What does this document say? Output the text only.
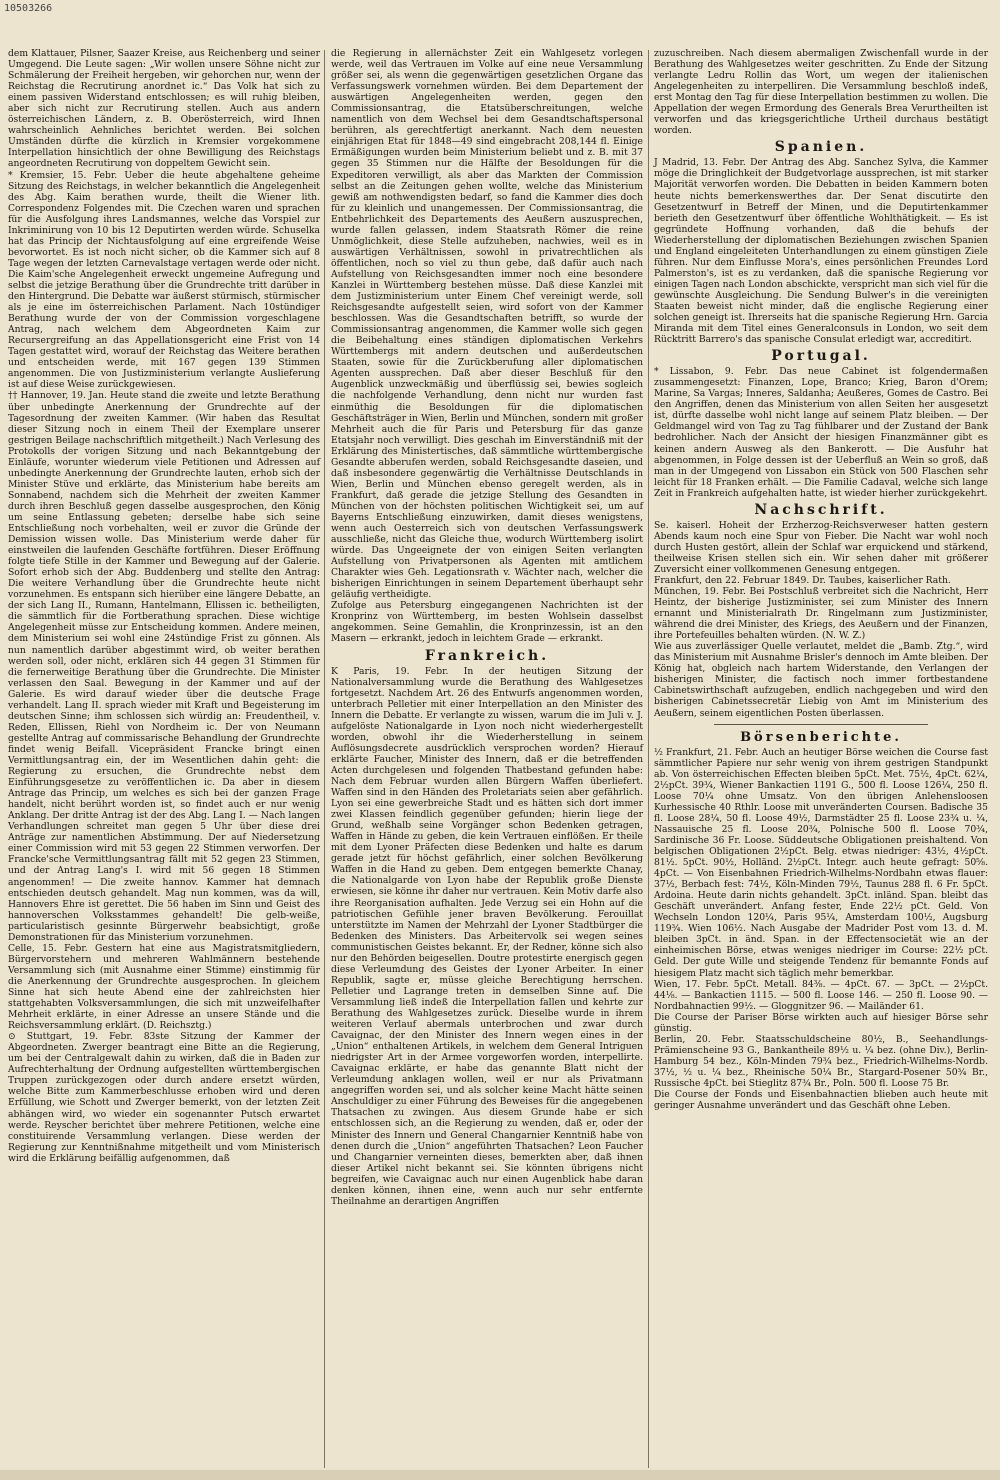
10503266

dem Klattauer, Pilsner, Saazer Kreise, aus Reichenberg und seiner Umgegend. Die Leute sagen: „Wir wollen unsere Söhne nicht zur Schmälerung der Freiheit hergeben, wir gehorchen nur, wenn der Reichstag die Recrutirung anordnet ic.“ Das Volk hat sich zu einem passiven Widerstand entschlossen; es will ruhig bleiben, aber sich nicht zur Recrutirung stellen. Auch aus andern österreichischen Ländern, z. B. Oberösterreich, wird Ihnen wahrscheinlich Aehnliches berichtet werden. Bei solchen Umständen dürfte die kürzlich in Kremsier vorgekommene Interpellation hinsichtlich der ohne Bewilligung des Reichstags angeordneten Recrutirung von doppeltem Gewicht sein.

* Kremsier, 15. Febr. Ueber die heute abgehaltene geheime Sitzung des Reichstags, in welcher bekanntlich die Angelegenheit des Abg. Kaim berathen wurde, theilt die Wiener lith. Correspondenz Folgendes mit. Die Czechen waren und sprachen für die Ausfolgung ihres Landsmannes, welche das Vorspiel zur Inkriminirung von 10 bis 12 Deputirten werden würde. Schuselka hat das Princip der Nichtausfolgung auf eine ergreifende Weise bevorwortet. Es ist noch nicht sicher, ob die Kammer sich auf 8 Tage wegen der letzten Carnevalstage vertagen werde oder nicht. Die Kaim'sche Angelegenheit erweckt ungemeine Aufregung und selbst die jetzige Berathung über die Grundrechte tritt darüber in den Hintergrund. Die Debatte war äußerst stürmisch, stürmischer als je eine im österreichischen Parlament. Nach 10stündiger Berathung wurde der von der Commission vorgeschlagene Antrag, nach welchem dem Abgeordneten Kaim zur Recursergreifung an das Appellationsgericht eine Frist von 14 Tagen gestattet wird, worauf der Reichstag das Weitere berathen und entscheiden werde, mit 167 gegen 139 Stimmen angenommen. Die von Justizministerium verlangte Auslieferung ist auf diese Weise zurückgewiesen.

†† Hannover, 19. Jan. Heute stand die zweite und letzte Berathung über unbedingte Anerkennung der Grundrechte auf der Tagesordnung der zweiten Kammer. (Wir haben das Resultat dieser Sitzung noch in einem Theil der Exemplare unserer gestrigen Beilage nachschriftlich mitgetheilt.) Nach Verlesung des Protokolls der vorigen Sitzung und nach Bekanntgebung der Einläufe, worunter wiederum viele Petitionen und Adressen auf unbedingte Anerkennung der Grundrechte lauten, erhob sich der Minister Stüve und erklärte, das Ministerium habe bereits am Sonnabend, nachdem sich die Mehrheit der zweiten Kammer durch ihren Beschluß gegen dasselbe ausgesprochen, den König um seine Entlassung gebeten; derselbe habe sich seine Entschließung noch vorbehalten, weil er zuvor die Gründe der Demission wissen wolle. Das Ministerium werde daher für einstweilen die laufenden Geschäfte fortführen. Dieser Eröffnung folgte tiefe Stille in der Kammer und Bewegung auf der Galerie. Sofort erhob sich der Abg. Buddenberg und stellte den Antrag: Die weitere Verhandlung über die Grundrechte heute nicht vorzunehmen. Es entspann sich hierüber eine längere Debatte, an der sich Lang II., Rumann, Hantelmann, Ellissen ic. betheiligten, die sämmtlich für die Fortberathung sprachen. Diese wichtige Angelegenheit müsse zur Entscheidung kommen. Andere meinen, dem Ministerium sei wohl eine 24stündige Frist zu gönnen. Als nun namentlich darüber abgestimmt wird, ob weiter berathen werden soll, oder nicht, erklären sich 44 gegen 31 Stimmen für die fernerweitige Berathung über die Grundrechte. Die Minister verlassen den Saal. Bewegung in der Kammer und auf der Galerie. Es wird darauf wieder über die deutsche Frage verhandelt. Lang II. sprach wieder mit Kraft und Begeisterung im deutschen Sinne; ihm schlossen sich würdig an: Freudentheil, v. Reden, Ellissen, Riehl von Nordheim ic. Der von Neumann gestellte Antrag auf commissarische Behandlung der Grundrechte findet wenig Beifall. Vicepräsident Francke bringt einen Vermittlungsantrag ein, der im Wesentlichen dahin geht: die Regierung zu ersuchen, die Grundrechte nebst dem Einführungsgesetze zu veröffentlichen ic. Da aber in diesem Antrage das Princip, um welches es sich bei der ganzen Frage handelt, nicht berührt worden ist, so findet auch er nur wenig Anklang. Der dritte Antrag ist der des Abg. Lang I. — Nach langen Verhandlungen schreitet man gegen 5 Uhr über diese drei Anträge zur namentlichen Abstimmung. Der auf Niedersetzung einer Commission wird mit 53 gegen 22 Stimmen verworfen. Der Francke'sche Vermittlungsantrag fällt mit 52 gegen 23 Stimmen, und der Antrag Lang's I. wird mit 56 gegen 18 Stimmen angenommen! — Die zweite hannov. Kammer hat demnach entschieden deutsch gehandelt. Mag nun kommen, was da will, Hannovers Ehre ist gerettet. Die 56 haben im Sinn und Geist des hannoverschen Volksstammes gehandelt! Die gelb-weiße, particularistisch gesinnte Bürgerwehr beabsichtigt, große Demonstrationen für das Ministerium vorzunehmen.

Celle, 15. Febr. Gestern hat eine aus Magistratsmitgliedern, Bürgervorstehern und mehreren Wahlmännern bestehende Versammlung sich (mit Ausnahme einer Stimme) einstimmig für die Anerkennung der Grundrechte ausgesprochen. In gleichem Sinne hat sich heute Abend eine der zahlreichsten hier stattgehabten Volksversammlungen, die sich mit unzweifelhafter Mehrheit erklärte, in einer Adresse an unsere Stände und die Reichsversammlung erklärt. (D. Reichsztg.)

⊙ Stuttgart, 19. Febr. 83ste Sitzung der Kammer der Abgeordneten. Zwerger beantragt eine Bitte an die Regierung, um bei der Centralgewalt dahin zu wirken, daß die in Baden zur Aufrechterhaltung der Ordnung aufgestellten württembergischen Truppen zurückgezogen oder durch andere ersetzt würden, welche Bitte zum Kammerbeschlusse erhoben wird und deren Erfüllung, wie Schott und Zwerger bemerkt, von der letzten Zeit abhängen wird, wo wieder ein sogenannter Putsch erwartet werde. Reyscher berichtet über mehrere Petitionen, welche eine constituirende Versammlung verlangen. Diese werden der Regierung zur Kenntnißnahme mitgetheilt und vom Ministerisch wird die Erklärung beifällig aufgenommen, daß

die Regierung in allernächster Zeit ein Wahlgesetz vorlegen werde, weil das Vertrauen im Volke auf eine neue Versammlung größer sei, als wenn die gegenwärtigen gesetzlichen Organe das Verfassungswerk vornehmen würden. Bei dem Departement der auswärtigen Angelegenheiten werden, gegen den Commissionsantrag, die Etatsüberschreitungen, welche namentlich von dem Wechsel bei dem Gesandtschaftspersonal berühren, als gerechtfertigt anerkannt. Nach dem neuesten einjährigen Etat für 1848—49 sind eingebracht 208,144 fl. Einige Ermäßigungen wurden beim Ministerium beliebt und z. B. mit 37 gegen 35 Stimmen nur die Hälfte der Besoldungen für die Expeditoren verwilligt, als aber das Markten der Commission selbst an die Zeitungen gehen wollte, welche das Ministerium gewiß am nothwendigsten bedarf, so fand die Kammer dies doch für zu kleinlich und unangemessen. Der Commissionsantrag, die Entbehrlichkeit des Departements des Aeußern auszusprechen, wurde fallen gelassen, indem Staatsrath Römer die reine Unmöglichkeit, diese Stelle aufzuheben, nachwies, weil es in auswärtigen Verhältnissen, sowohl in privatrechtlichen als öffentlichen, noch so viel zu thun gebe, daß dafür auch nach Aufstellung von Reichsgesandten immer noch eine besondere Kanzlei in Württemberg bestehen müsse. Daß diese Kanzlei mit dem Justizministerium unter Einem Chef vereinigt werde, soll Reichsgesandte aufgestellt seien, wird sofort von der Kammer beschlossen. Was die Gesandtschaften betrifft, so wurde der Commissionsantrag angenommen, die Kammer wolle sich gegen die Beibehaltung eines ständigen diplomatischen Verkehrs Württembergs mit andern deutschen und außerdeutschen Staaten, sowie für die Zurückberufung aller diplomatischen Agenten aussprechen. Daß aber dieser Beschluß für den Augenblick unzweckmäßig und überflüssig sei, bewies sogleich die nachfolgende Verhandlung, denn nicht nur wurden fast einmüthig die Besoldungen für die diplomatischen Geschäftsträger in Wien, Berlin und München, sondern mit großer Mehrheit auch die für Paris und Petersburg für das ganze Etatsjahr noch verwilligt. Dies geschah im Einverständniß mit der Erklärung des Ministertisches, daß sämmtliche württembergische Gesandte abberufen werden, sobald Reichsgesandte daseien, und daß insbesondere gegenwärtig die Verhältnisse Deutschlands in Wien, Berlin und München ebenso geregelt werden, als in Frankfurt, daß gerade die jetzige Stellung des Gesandten in München von der höchsten politischen Wichtigkeit sei, um auf Bayerns Entschließung einzuwirken, damit dieses wenigstens, wenn auch Oesterreich sich von deutschen Verfassungswerk ausschließe, nicht das Gleiche thue, wodurch Württemberg isolirt würde. Das Ungeeignete der von einigen Seiten verlangten Aufstellung von Privatpersonen als Agenten mit amtlichem Charakter wies Geh. Legationsrath v. Wächter nach, welcher die bisherigen Einrichtungen in seinem Departement überhaupt sehr geläufig vertheidigte.

Zufolge aus Petersburg eingegangenen Nachrichten ist der Kronprinz von Württemberg, im besten Wohlsein dasselbst angekommen. Seine Gemahlin, die Kronprinzessin, ist an den Masern — erkrankt, jedoch in leichtem Grade — erkrankt.

Frankreich.

K Paris, 19. Febr. In der heutigen Sitzung der Nationalversammlung wurde die Berathung des Wahlgesetzes fortgesetzt. Nachdem Art. 26 des Entwurfs angenommen worden, unterbrach Pelletier mit einer Interpellation an den Minister des Innern die Debatte. Er verlangte zu wissen, warum die im Juli v. J. aufgelöste Nationalgarde in Lyon noch nicht wiederhergestellt worden, obwohl ihr die Wiederherstellung in seinem Auflösungsdecrete ausdrücklich versprochen worden? Hierauf erklärte Faucher, Minister des Innern, daß er die betreffenden Acten durchgelesen und folgenden Thatbestand gefunden habe: Nach dem Februar wurden allen Bürgern Waffen überliefert. Waffen sind in den Händen des Proletariats seien aber gefährlich. Lyon sei eine gewerbreiche Stadt und es hätten sich dort immer zwei Klassen feindlich gegenüber gefunden; hierin liege der Grund, weßhalb seine Vorgänger schon Bedenken getragen, Waffen in Hände zu geben, die kein Vertrauen einflößen. Er theile mit dem Lyoner Präfecten diese Bedenken und halte es darum gerade jetzt für höchst gefährlich, einer solchen Bevölkerung Waffen in die Hand zu geben. Dem entgegen bemerkte Chanay, die Nationalgarde von Lyon habe der Republik große Dienste erwiesen, sie könne ihr daher nur vertrauen. Kein Motiv darfe also ihre Reorganisation aufhalten. Jede Verzug sei ein Hohn auf die patriotischen Gefühle jener braven Bevölkerung. Ferouillat unterstützte im Namen der Mehrzahl der Lyoner Stadtbürger die Bedenken des Ministers. Das Arbeitervolk sei wegen seines communistischen Geistes bekannt. Er, der Redner, könne sich also nur den Behörden beigesellen. Doutre protestirte energisch gegen diese Verleumdung des Geistes der Lyoner Arbeiter. In einer Republik, sagte er, müsse gleiche Berechtigung herrschen. Pelletier und Lagrange treten in demselben Sinne auf. Die Versammlung ließ indeß die Interpellation fallen und kehrte zur Berathung des Wahlgesetzes zurück. Dieselbe wurde in ihrem weiteren Verlauf abermals unterbrochen und zwar durch Cavaignac, der den Minister des Innern wegen eines in der „Union“ enthaltenen Artikels, in welchem dem General Intriguen niedrigster Art in der Armee vorgeworfen worden, interpellirte. Cavaignac erklärte, er habe das genannte Blatt nicht der Verleumdung anklagen wollen, weil er nur als Privatmann angegriffen worden sei, und als solcher keine Macht hätte seinen Anschuldiger zu einer Führung des Beweises für die angegebenen Thatsachen zu zwingen. Aus diesem Grunde habe er sich entschlossen sich, an die Regierung zu wenden, daß er, oder der Minister des Innern und General Changarnier Kenntniß habe von denen durch die „Union“ angeführten Thatsachen? Leon Faucher und Changarnier verneinten dieses, bemerkten aber, daß ihnen dieser Artikel nicht bekannt sei. Sie könnten übrigens nicht begreifen, wie Cavaignac auch nur einen Augenblick habe daran denken können, ihnen eine, wenn auch nur sehr entfernte Theilnahme an derartigen Angriffen

zuzuschreiben. Nach diesem abermaligen Zwischenfall wurde in der Berathung des Wahlgesetzes weiter geschritten. Zu Ende der Sitzung verlangte Ledru Rollin das Wort, um wegen der italienischen Angelegenheiten zu interpelliren. Die Versammlung beschloß indeß, erst Montag den Tag für diese Interpellation bestimmen zu wollen. Die Appellation der wegen Ermordung des Generals Brea Verurtheilten ist verworfen und das kriegsgerichtliche Urtheil durchaus bestätigt worden.

Spanien.

J Madrid, 13. Febr. Der Antrag des Abg. Sanchez Sylva, die Kammer möge die Dringlichkeit der Budgetvorlage aussprechen, ist mit starker Majorität verworfen worden. Die Debatten in beiden Kammern boten heute nichts bemerkenswerthes dar. Der Senat discutirte den Gesetzentwurf in Betreff der Minen, und die Deputirtenkammer berieth den Gesetzentwurf über öffentliche Wohlthätigkeit. — Es ist gegründete Hoffnung vorhanden, daß die behufs der Wiederherstellung der diplomatischen Beziehungen zwischen Spanien und England eingeleiteten Unterhandlungen zu einem günstigen Ziele führen. Nur dem Einflusse Mora's, eines persönlichen Freundes Lord Palmerston's, ist es zu verdanken, daß die spanische Regierung vor einigen Tagen nach London abschickte, verspricht man sich viel für die gewünschte Ausgleichung. Die Sendung Bulwer's in die vereinigten Staaten beweist nicht minder, daß die englische Regierung einer solchen geneigt ist. Ihrerseits hat die spanische Regierung Hrn. Garcia Miranda mit dem Titel eines Generalconsuls in London, wo seit dem Rücktritt Barrero's das spanische Consulat erledigt war, accreditirt.

Portugal.

* Lissabon, 9. Febr. Das neue Cabinet ist folgendermaßen zusammengesetzt: Finanzen, Lope, Branco; Krieg, Baron d'Orem; Marine, Sa Vargas; Inneres, Saldanha; Aeußeres, Gomes de Castro. Bei den Angriffen, denen das Ministerium von allen Seiten her ausgesetzt ist, dürfte dasselbe wohl nicht lange auf seinem Platz bleiben. — Der Geldmangel wird von Tag zu Tag fühlbarer und der Zustand der Bank bedrohlicher. Nach der Ansicht der hiesigen Finanzmänner gibt es keinen andern Ausweg als den Bankerott. — Die Ausfuhr hat abgenommen, in Folge dessen ist der Ueberfluß an Wein so groß, daß man in der Umgegend von Lissabon ein Stück von 500 Flaschen sehr leicht für 18 Franken erhält. — Die Familie Cadaval, welche sich lange Zeit in Frankreich aufgehalten hatte, ist wieder hierher zurückgekehrt.

Nachschrift.

Se. kaiserl. Hoheit der Erzherzog-Reichsverweser hatten gestern Abends kaum noch eine Spur von Fieber. Die Nacht war wohl noch durch Husten gestört, allein der Schlaf war erquickend und stärkend, theilweise Krisen stellen sich ein. Wir sehen daher mit größerer Zuversicht einer vollkommenen Genesung entgegen.
Frankfurt, den 22. Februar 1849. Dr. Taubes, kaiserlicher Rath.

München, 19. Febr. Bei Postschluß verbreitet sich die Nachricht, Herr Heintz, der bisherige Justizminister, sei zum Minister des Innern ernannt und Ministerialrath Dr. Ringelmann zum Justizminister, während die drei Minister, des Kriegs, des Aeußern und der Finanzen, ihre Portefeuilles behalten würden. (N. W. Z.)
Wie aus zuverlässiger Quelle verlautet, meldet die „Bamb. Ztg.“, wird das Ministerium mit Ausnahme Brisler's dennoch im Amte bleiben. Der König hat, obgleich nach hartem Widerstande, den Verlangen der bisherigen Minister, die factisch noch immer fortbestandene Cabinetswirthschaft aufzugeben, endlich nachgegeben und wird den bisherigen Cabinetssecretär Liebig von Amt im Ministerium des Aeußern, seinem eigentlichen Posten überlassen.

Börsenberichte.

½ Frankfurt, 21. Febr. Auch an heutiger Börse weichen die Course fast sämmtlicher Papiere nur sehr wenig von ihrem gestrigen Standpunkt ab. Von österreichischen Effecten bleiben 5pCt. Met. 75½, 4pCt. 62¼, 2½pCt. 39¾, Wiener Bankactien 1191 G., 500 fl. Loose 126¼, 250 fl. Loose 70¼ ohne Umsatz. Von den übrigen Anlehensloosen Kurhessische 40 Rthlr. Loose mit unveränderten Coursen. Badische 35 fl. Loose 28¼, 50 fl. Loose 49½, Darmstädter 25 fl. Loose 23¾ u. ¼, Nassauische 25 fl. Loose 20¾, Polnische 500 fl. Loose 70¾, Sardinische 36 Fr. Loose. Süddeutsche Obligationen preishaltend. Von belgischen Obligationen 2½pCt. Belg. etwas niedriger: 43½, 4½pCt. 81½. 5pCt. 90½, Holländ. 2½pCt. Integr. auch heute gefragt: 50⅝. 4pCt. — Von Eisenbahnen Friedrich-Wilhelms-Nordbahn etwas flauer: 37½, Berbach fest: 74½, Köln-Minden 79½, Taunus 288 fl. 6 Fr. 5pCt. Ardoina. Heute darin nichts gehandelt. 3pCt. inländ. Span. bleibt das Geschäft unverändert. Anfang fester, Ende 22½ pCt. Geld. Von Wechseln London 120¼, Paris 95¼, Amsterdam 100½, Augsburg 119¾. Wien 106½. Nach Ausgabe der Madrider Post vom 13. d. M. bleiben 3pCt. in änd. Span. in der Effectensocietät wie an der einheimischen Börse, etwas weniges niedriger im Course: 22½ pCt. Geld. Der gute Wille und steigende Tendenz für bemannte Fonds auf hiesigem Platz macht sich täglich mehr bemerkbar.

Wien, 17. Febr. 5pCt. Metall. 84⅜. — 4pCt. 67. — 3pCt. — 2½pCt. 44⅛. — Bankactien 1115. — 500 fl. Loose 146. — 250 fl. Loose 90. — Nordbahnactien 99½. — Gloggnitzer 96. — Mailänder 61.
Die Course der Pariser Börse wirkten auch auf hiesiger Börse sehr günstig.

Berlin, 20. Febr. Staatsschuldscheine 80½, B., Seehandlungs-Prämienscheine 93 G., Bankantheile 89½ u. ¼ bez. (ohne Div.), Berlin-Hamburg 54 bez., Köln-Minden 79¾ bez., Friedrich-Wilhelms-Nordb. 37½, ½ u. ¼ bez., Rheinische 50¼ Br., Stargard-Posener 50¾ Br., Russische 4pCt. bei Stieglitz 87¾ Br., Poln. 500 fl. Loose 75 Br.
Die Course der Fonds und Eisenbahnactien blieben auch heute mit geringer Ausnahme unverändert und das Geschäft ohne Leben.
